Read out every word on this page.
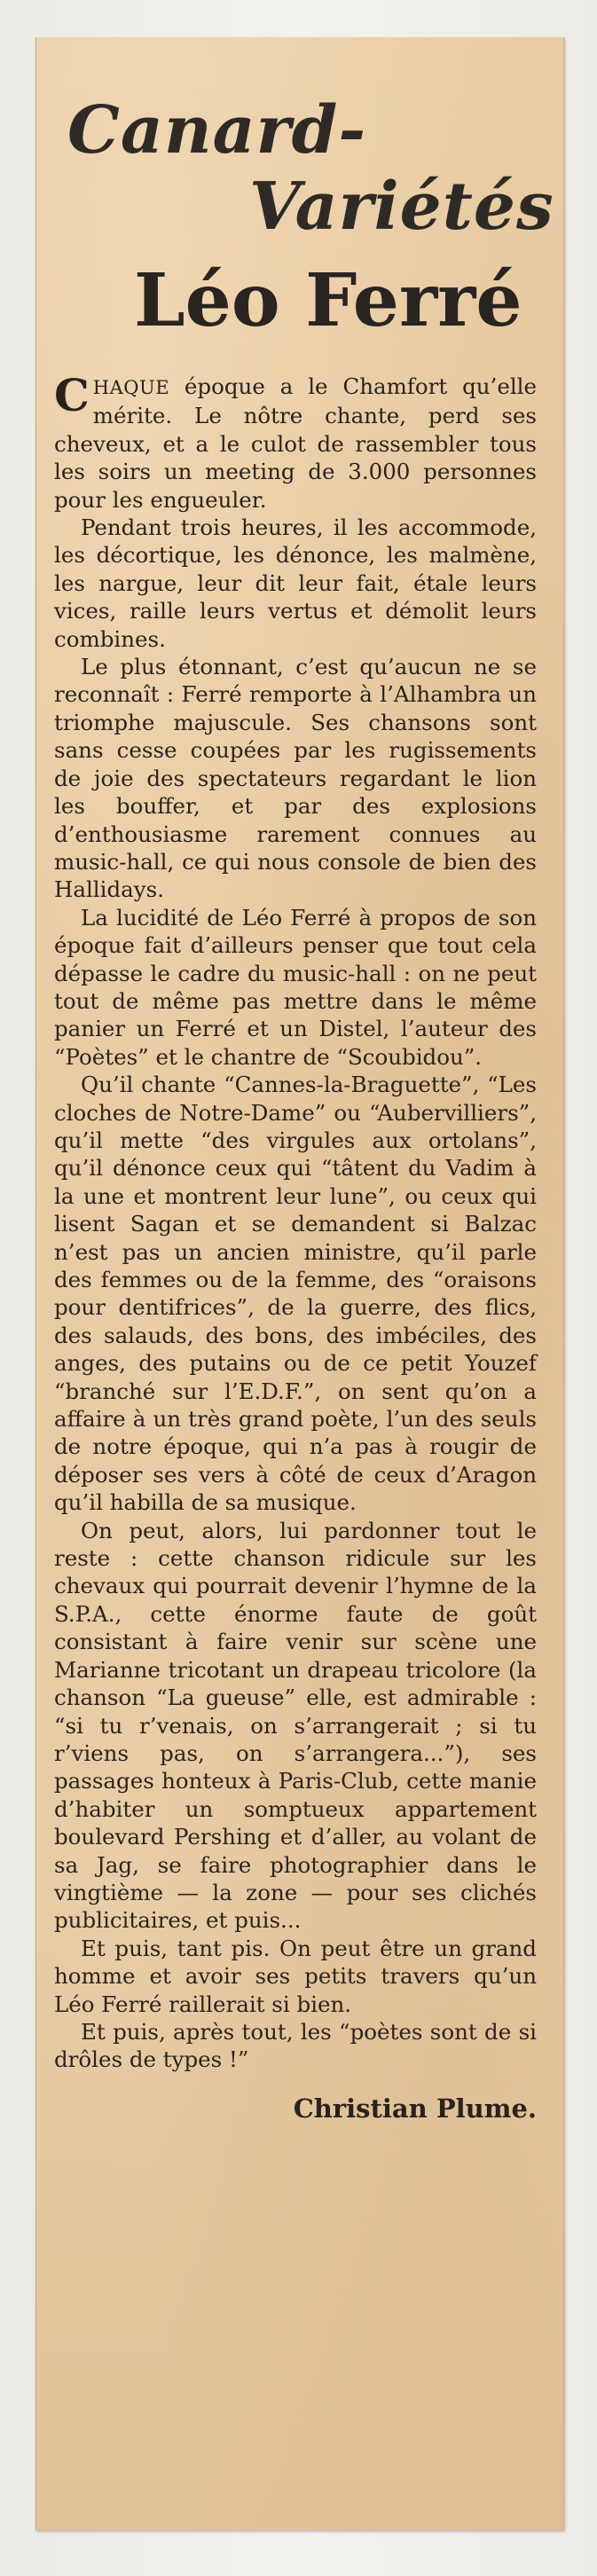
Canard-
Variétés
Léo Ferré

CHAQUE époque a le Chamfort qu’elle mérite. Le nôtre chante, perd ses cheveux, et a le culot de rassembler tous les soirs un meeting de 3.000 personnes pour les engueuler.

Pendant trois heures, il les accommode, les décortique, les dénonce, les malmène, les nargue, leur dit leur fait, étale leurs vices, raille leurs vertus et démolit leurs combines.

Le plus étonnant, c’est qu’aucun ne se reconnaît : Ferré remporte à l’Alhambra un triomphe majuscule. Ses chansons sont sans cesse coupées par les rugissements de joie des spectateurs regardant le lion les bouffer, et par des explosions d’enthousiasme rarement connues au music-hall, ce qui nous console de bien des Hallidays.

La lucidité de Léo Ferré à propos de son époque fait d’ailleurs penser que tout cela dépasse le cadre du music-hall : on ne peut tout de même pas mettre dans le même panier un Ferré et un Distel, l’auteur des “Poètes” et le chantre de “Scoubidou”.

Qu’il chante “Cannes-la-Braguette”, “Les cloches de Notre-Dame” ou “Aubervilliers”, qu’il mette “des virgules aux ortolans”, qu’il dénonce ceux qui “tâtent du Vadim à la une et montrent leur lune”, ou ceux qui lisent Sagan et se demandent si Balzac n’est pas un ancien ministre, qu’il parle des femmes ou de la femme, des “oraisons pour dentifrices”, de la guerre, des flics, des salauds, des bons, des imbéciles, des anges, des putains ou de ce petit Youzef “branché sur l’E.D.F.”, on sent qu’on a affaire à un très grand poète, l’un des seuls de notre époque, qui n’a pas à rougir de déposer ses vers à côté de ceux d’Aragon qu’il habilla de sa musique.

On peut, alors, lui pardonner tout le reste : cette chanson ridicule sur les chevaux qui pourrait devenir l’hymne de la S.P.A., cette énorme faute de goût consistant à faire venir sur scène une Marianne tricotant un drapeau tricolore (la chanson “La gueuse” elle, est admirable : “si tu r’venais, on s’arrangerait ; si tu r’viens pas, on s’arrangera...”), ses passages honteux à Paris-Club, cette manie d’habiter un somptueux appartement boulevard Pershing et d’aller, au volant de sa Jag, se faire photographier dans le vingtième — la zone — pour ses clichés publicitaires, et puis...

Et puis, tant pis. On peut être un grand homme et avoir ses petits travers qu’un Léo Ferré raillerait si bien.

Et puis, après tout, les “poètes sont de si drôles de types !”

Christian Plume.
